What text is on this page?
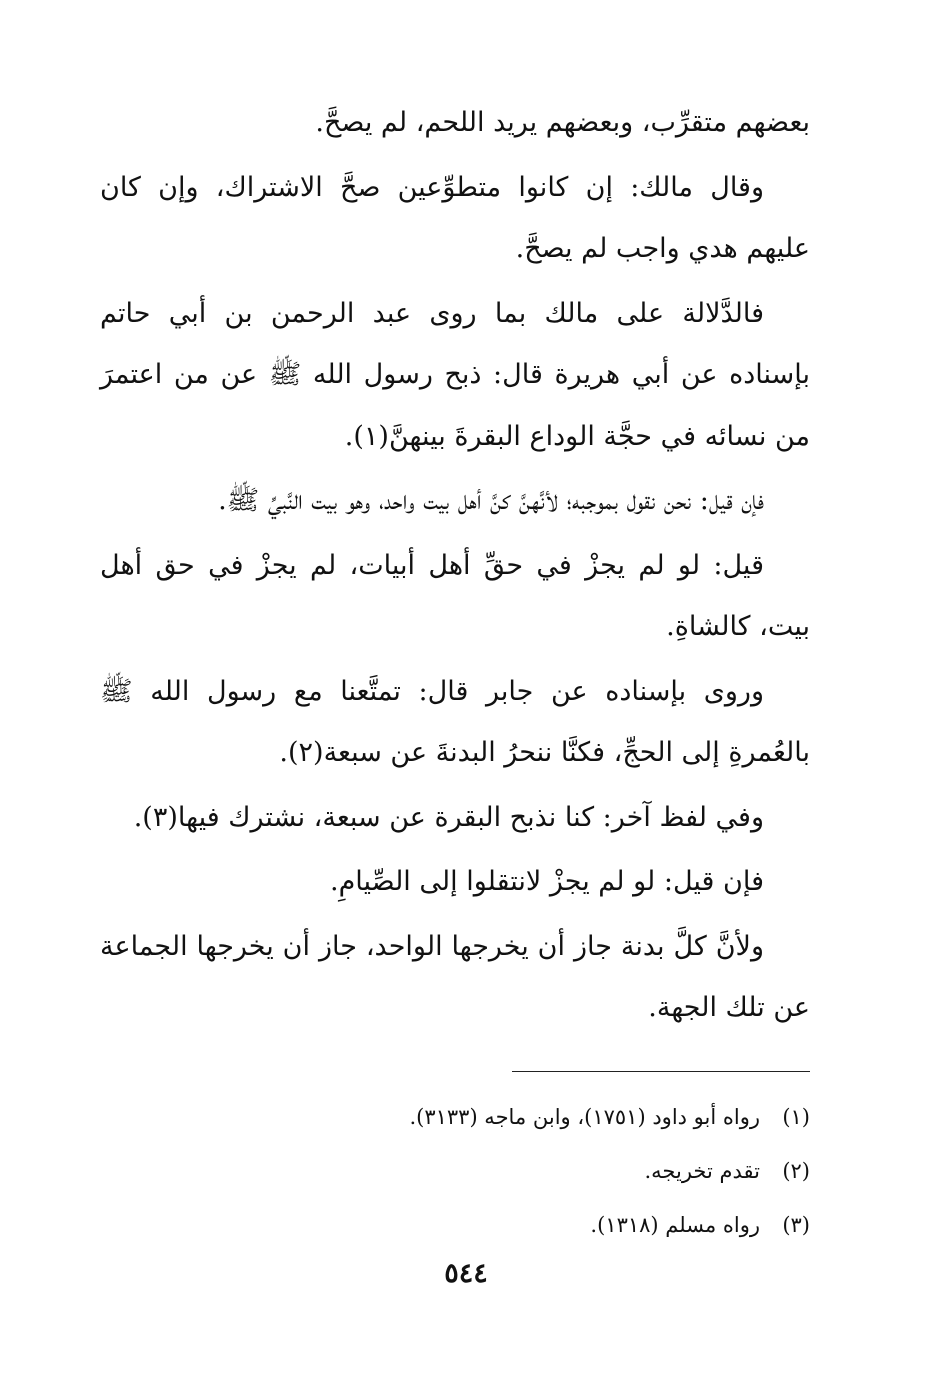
بعضهم متقرِّب، وبعضهم يريد اللحم، لم يصحَّ.

وقال مالك: إن كانوا متطوِّعين صحَّ الاشتراك، وإن كان عليهم هدي واجب لم يصحَّ.

فالدَّلالة على مالك بما روى عبد الرحمن بن أبي حاتم بإسناده عن أبي هريرة قال: ذبح رسول الله ﷺ عن من اعتمرَ من نسائه في حجَّة الوداع البقرةَ بينهنَّ(١).

فإن قيل: نحن نقول بموجبه؛ لأنَّهنَّ كنَّ أهل بيت واحد، وهو بيت النَّبيِّ ﷺ.

قيل: لو لم يجزْ في حقِّ أهل أبيات، لم يجزْ في حق أهل بيت، كالشاةِ.

وروى بإسناده عن جابر قال: تمتَّعنا مع رسول الله ﷺ بالعُمرةِ إلى الحجِّ، فكنَّا ننحرُ البدنةَ عن سبعة(٢).

وفي لفظ آخر: كنا نذبح البقرة عن سبعة، نشترك فيها(٣).

فإن قيل: لو لم يجزْ لانتقلوا إلى الصِّيامِ.

ولأنَّ كلَّ بدنة جاز أن يخرجها الواحد، جاز أن يخرجها الجماعة عن تلك الجهة.

(١)
رواه أبو داود (١٧٥١)، وابن ماجه (٣١٣٣).
(٢)
تقدم تخريجه.
(٣)
رواه مسلم (١٣١٨).
٥٤٤
